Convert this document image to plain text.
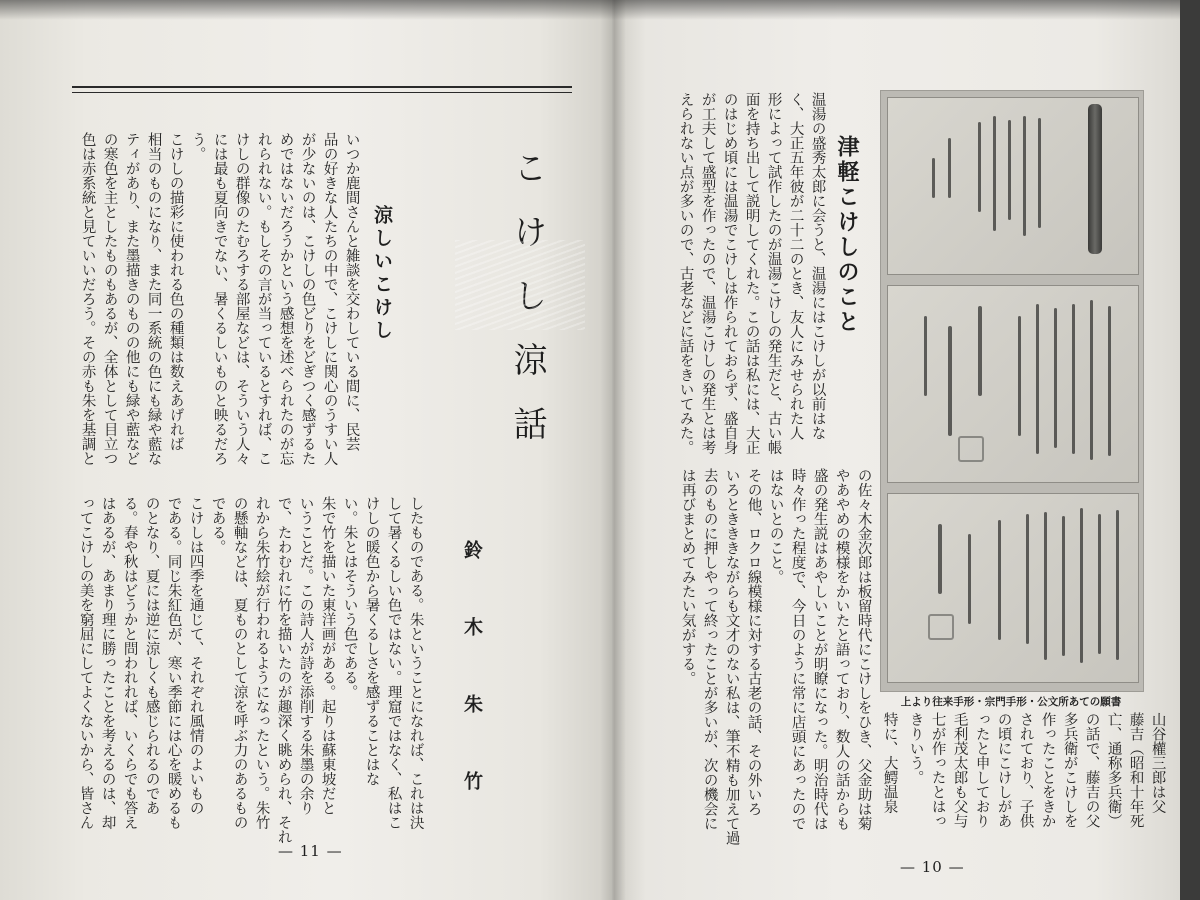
こけし涼話
涼しいこけし
鈴木朱竹
いつか鹿間さんと雑談を交わしている間に、民芸
品の好きな人たちの中で、こけしに関心のうすい人
が少ないのは、こけしの色どりをどぎつく感ずるた
めではないだろうかという感想を述べられたのが忘
れられない。もしその言が当っているとすれば、こ
けしの群像のたむろする部屋などは、そういう人々
には最も夏向きでない、暑くるしいものと映るだろ
う。
こけしの描彩に使われる色の種類は数えあげれば
相当のものになり、また同一系統の色にも緑や藍な
ティがあり、また墨描きのものの他にも緑や藍など
の寒色を主としたものもあるが、全体として目立つ
色は赤系統と見ていいだろう。その赤も朱を基調と
したものである。朱ということになれば、これは決
して暑くるしい色ではない。理窟ではなく、私はこ
けしの暖色から暑くるしさを感ずることはな
い。朱とはそういう色である。
朱で竹を描いた東洋画がある。起りは蘇東坡だと
いうことだ。この詩人が詩を添削する朱墨の余り
で、たわむれに竹を描いたのが趣深く眺められ、それ
れから朱竹絵が行われるようになったという。朱竹
の懸軸などは、夏ものとして涼を呼ぶ力のあるもの
である。
こけしは四季を通じて、それぞれ風情のよいもの
である。同じ朱紅色が、寒い季節には心を暖めるも
のとなり、夏には逆に涼しくも感じられるのであ
る。春や秋はどうかと問われれば、いくらでも答え
はあるが、あまり理に勝ったことを考えるのは、却
ってこけしの美を窮屈にしてよくないから、皆さん
— 11 —
津軽こけしのこと
温湯の盛秀太郎に会うと、温湯にはこけしが以前はな
く、大正五年彼が二十二のとき、友人にみせられた人
形によって試作したのが温湯こけしの発生だと、古い帳
面を持ち出して説明してくれた。この話は私には、大正
のはじめ頃には温湯でこけしは作られておらず、盛自身
が工夫して盛型を作ったので、温湯こけしの発生とは考
えられない点が多いので、古老などに話をきいてみた。
の佐々木金次郎は板留時代にこけしをひき、父金助は菊
やあやめの模様をかいたと語っており、数人の話からも
盛の発生説はあやしいことが明瞭になった。明治時代は
時々作った程度で、今日のように常に店頭にあったので
はないとのこと。
その他、ロクロ線模様に対する古老の話、その外いろ
いろときききながらも文才のない私は、筆不精も加えて過
去のものに押しやって終ったことが多いが、次の機会に
は再びまとめてみたい気がする。
山谷權三郎は父
藤吉（昭和十年死
亡、通称多兵衛）
の話で、藤吉の父
多兵衛がこけしを
作ったことをきか
されており、子供
の頃にこけしがあ
ったと申しており
毛利茂太郎も父与
七が作ったとはっ
きりいう。
特に、大鰐温泉
上より往来手形・宗門手形・公文所あての願書
— 10 —
